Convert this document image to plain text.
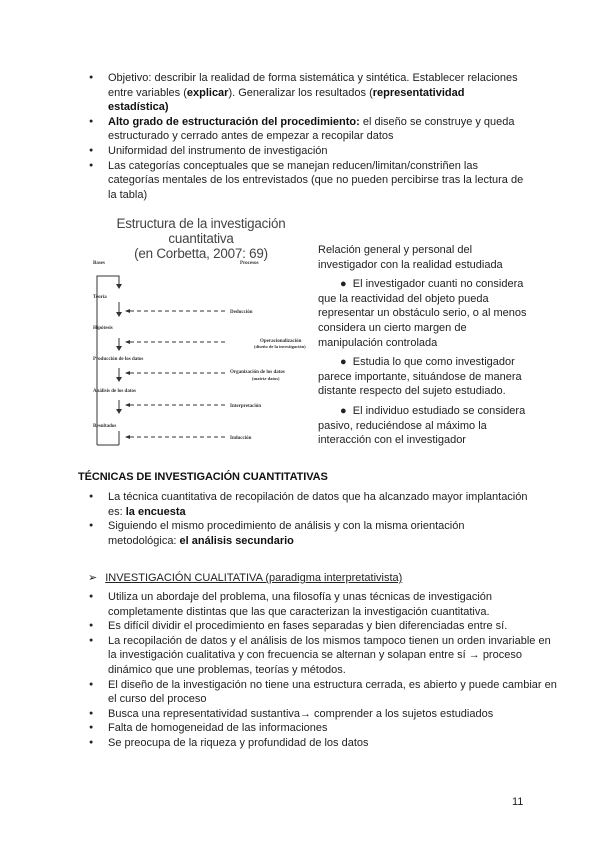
● Objetivo: describir la realidad de forma sistemática y sintética. Establecer relaciones entre variables (explicar). Generalizar los resultados (representatividad estadística)
● Alto grado de estructuración del procedimiento: el diseño se construye y queda estructurado y cerrado antes de empezar a recopilar datos
● Uniformidad del instrumento de investigación
● Las categorías conceptuales que se manejan reducen/limitan/constriñen las categorías mentales de los entrevistados (que no pueden percibirse tras la lectura de la tabla)
Estructura de la investigación cuantitativa
(en Corbetta, 2007: 69)
Bases	Procesos
Teoría
Deducción
Hipótesis
Operacionalización
(diseño de la investigación)
Producción de los datos
Organización de los datos
(matriz-datos)
Análisis de los datos
Interpretación
Resultados
Inducción

Relación general y personal del investigador con la realidad estudiada

●  El investigador cuanti no considera que la reactividad del objeto pueda representar un obstáculo serio, o al menos considera un cierto margen de manipulación controlada

●  Estudia lo que como investigador parece importante, situándose de manera distante respecto del sujeto estudiado.

●  El individuo estudiado se considera pasivo, reduciéndose al máximo la interacción con el investigador

TÉCNICAS DE INVESTIGACIÓN CUANTITATIVAS
● La técnica cuantitativa de recopilación de datos que ha alcanzado mayor implantación es: la encuesta
● Siguiendo el mismo procedimiento de análisis y con la misma orientación metodológica: el análisis secundario
➢ INVESTIGACIÓN CUALITATIVA (paradigma interpretativista)
● Utiliza un abordaje del problema, una filosofía y unas técnicas de investigación completamente distintas que las que caracterizan la investigación cuantitativa.
● Es difícil dividir el procedimiento en fases separadas y bien diferenciadas entre sí.
● La recopilación de datos y el análisis de los mismos tampoco tienen un orden invariable en la investigación cualitativa y con frecuencia se alternan y solapan entre sí → proceso dinámico que une problemas, teorías y métodos.
● El diseño de la investigación no tiene una estructura cerrada, es abierto y puede cambiar en el curso del proceso
● Busca una representatividad sustantiva→ comprender a los sujetos estudiados
● Falta de homogeneidad de las informaciones
● Se preocupa de la riqueza y profundidad de los datos
11
